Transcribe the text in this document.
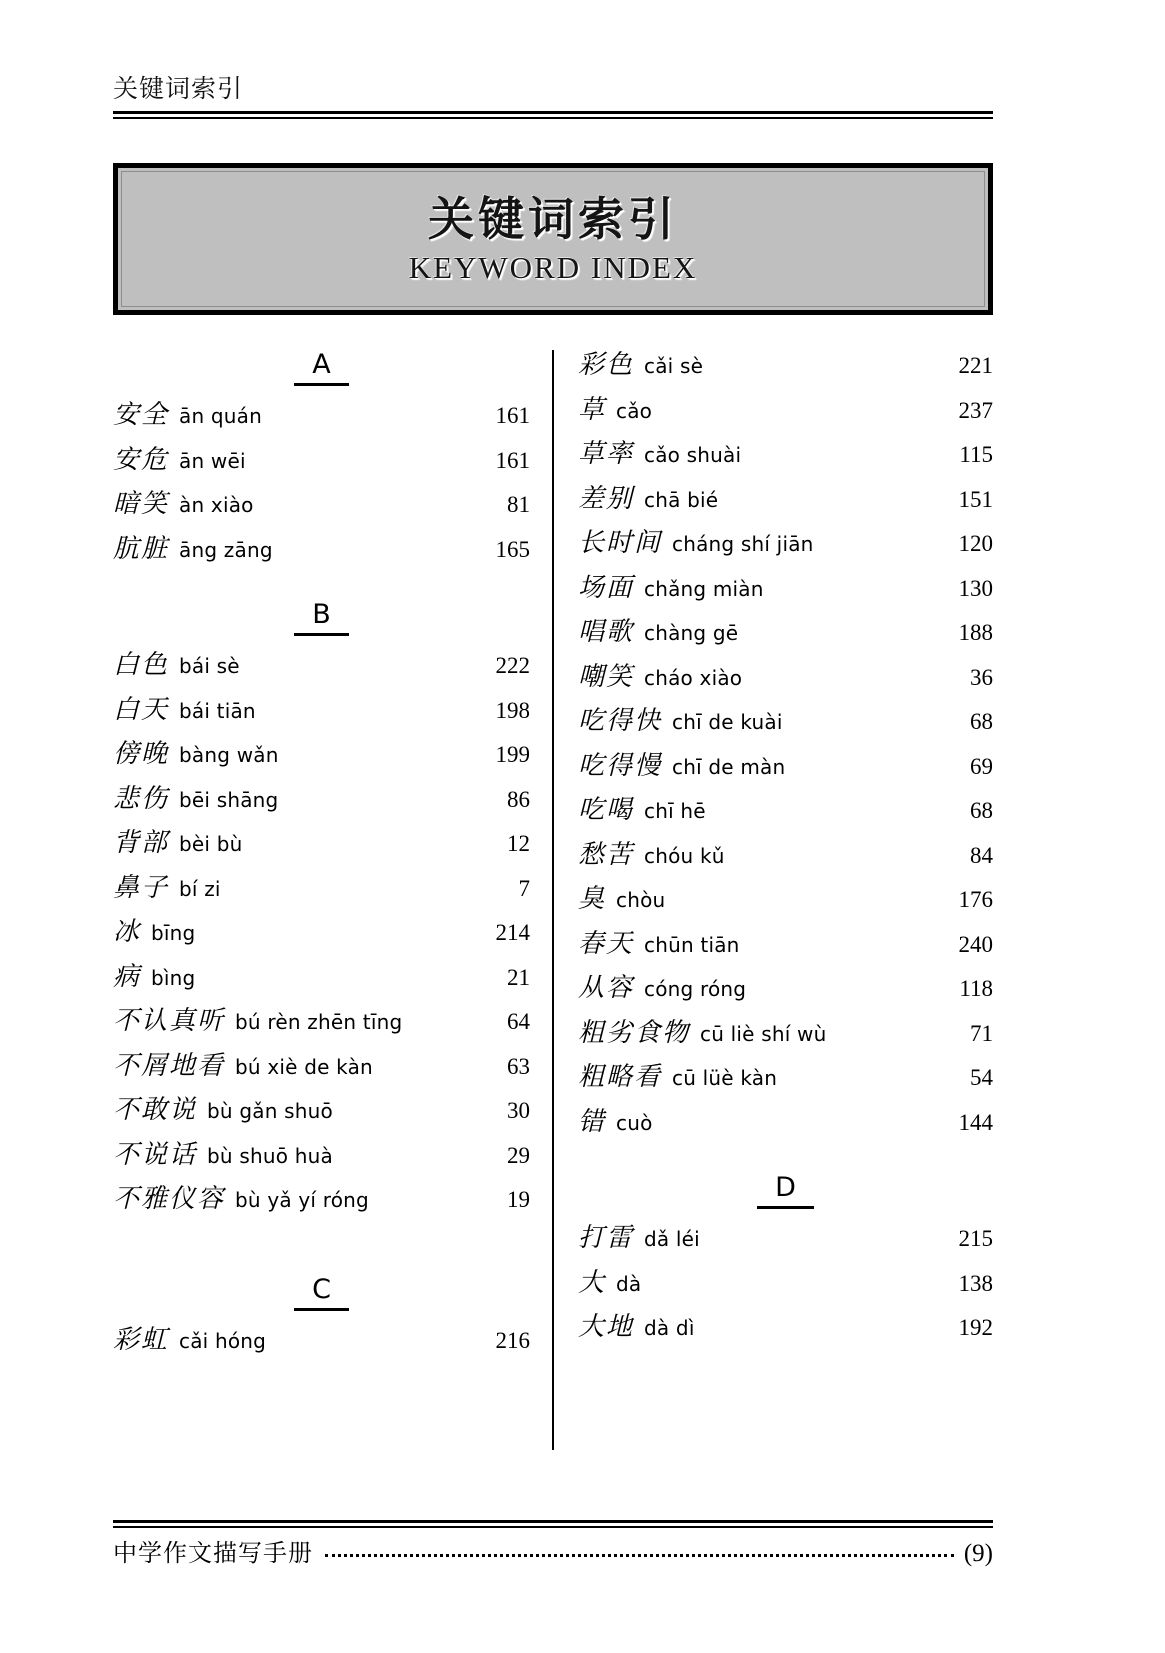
关键词索引
关键词索引
KEYWORD INDEX
A
安全 ān quán	161
安危 ān wēi	161
暗笑 àn xiào	81
肮脏 āng zāng	165
B
白色 bái sè	222
白天 bái tiān	198
傍晚 bàng wǎn	199
悲伤 bēi shāng	86
背部 bèi bù	12
鼻子 bí zi	7
冰 bīng	214
病 bìng	21
不认真听 bú rèn zhēn tīng	64
不屑地看 bú xiè de kàn	63
不敢说 bù gǎn shuō	30
不说话 bù shuō huà	29
不雅仪容 bù yǎ yí róng	19
C
彩虹 cǎi hóng	216
彩色 cǎi sè	221
草 cǎo	237
草率 cǎo shuài	115
差别 chā bié	151
长时间 cháng shí jiān	120
场面 chǎng miàn	130
唱歌 chàng gē	188
嘲笑 cháo xiào	36
吃得快 chī de kuài	68
吃得慢 chī de màn	69
吃喝 chī hē	68
愁苦 chóu kǔ	84
臭 chòu	176
春天 chūn tiān	240
从容 cóng róng	118
粗劣食物 cū liè shí wù	71
粗略看 cū lüè kàn	54
错 cuò	144
D
打雷 dǎ léi	215
大 dà	138
大地 dà dì	192
中学作文描写手册	(9)
